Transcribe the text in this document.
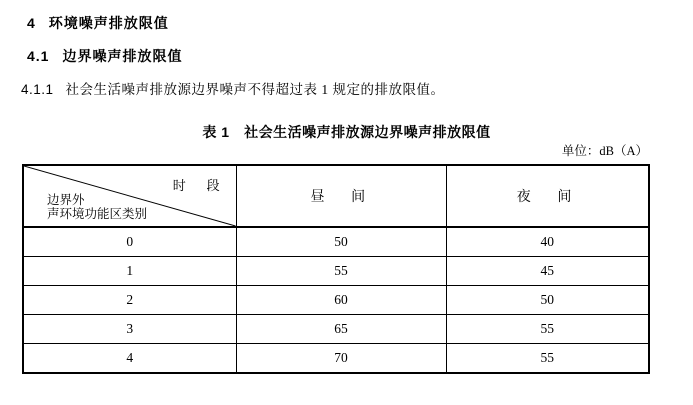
4 环境噪声排放限值
4.1 边界噪声排放限值
4.1.1 社会生活噪声排放源边界噪声不得超过表 1 规定的排放限值。
表 1　社会生活噪声排放源边界噪声排放限值
单位：dB（A）
时　段
边界外
声环境功能区类别	昼　间	夜　间
0	50	40
1	55	45
2	60	50
3	65	55
4	70	55
